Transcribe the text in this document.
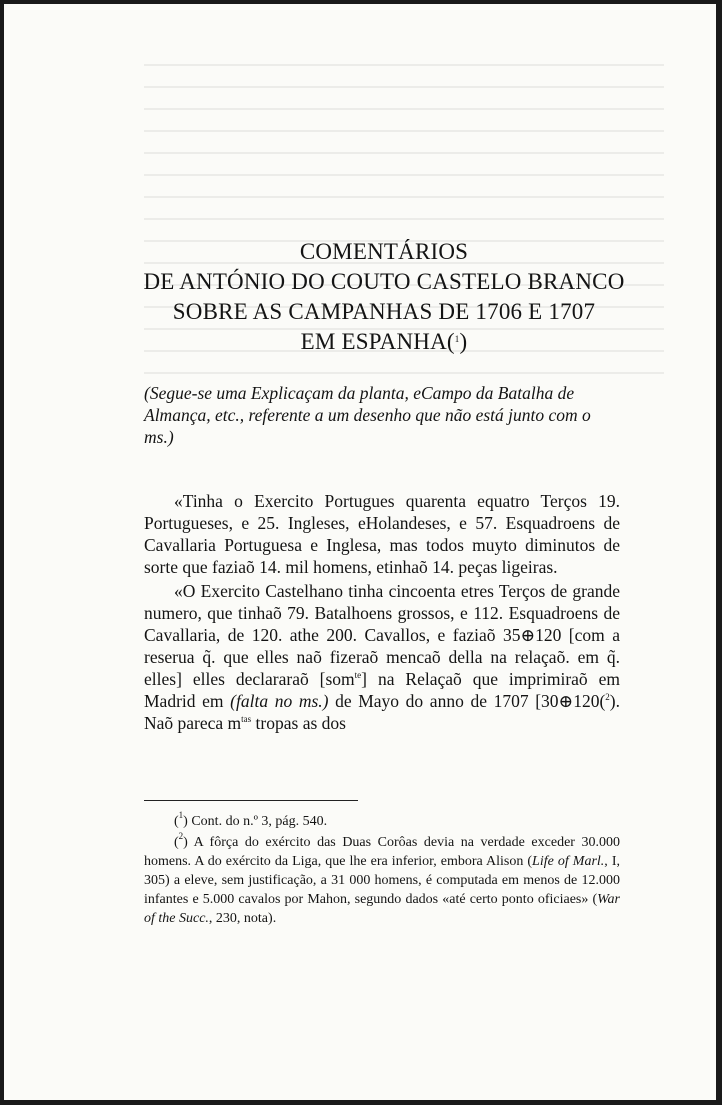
COMENTÁRIOS
DE ANTÓNIO DO COUTO CASTELO BRANCO
SOBRE AS CAMPANHAS DE 1706 E 1707
EM ESPANHA($^1$)
(Segue-se uma Explicaçam da planta, eCampo da Batalha de Almança, etc., referente a um desenho que não está junto com o ms.)

«Tinha o Exercito Portugues quarenta equatro Terços 19. Portugueses, e 25. Ingleses, eHolandeses, e 57. Esquadroens de Cavallaria Portuguesa e Inglesa, mas todos muyto diminutos de sorte que faziaõ 14. mil homens, etinhaõ 14. peças ligeiras.

«O Exercito Castelhano tinha cincoenta etres Terços de grande numero, que tinhaõ 79. Batalhoens grossos, e 112. Esquadroens de Cavallaria, de 120. athe 200. Cavallos, e faziaõ 35⊕120 [com a reserua q̃. que elles naõ fizeraõ mencaõ della na relaçaõ. em q̃. elles] elles declararaõ [som$^{te}$] na Relaçaõ que imprimiraõ em Madrid em (falta no ms.) de Mayo do anno de 1707 [30⊕120($^2$). Naõ pareca $m^{tas}$ tropas as dos

($^1$) Cont. do n.º 3, pág. 540.

($^2$) A fôrça do exército das Duas Corôas devia na verdade exceder 30.000 homens. A do exército da Liga, que lhe era inferior, embora Alison (Life of Marl., I, 305) a eleve, sem justificação, a 31 000 homens, é computada em menos de 12.000 infantes e 5.000 cavalos por Mahon, segundo dados «até certo ponto oficiaes» (War of the Succ., 230, nota).
